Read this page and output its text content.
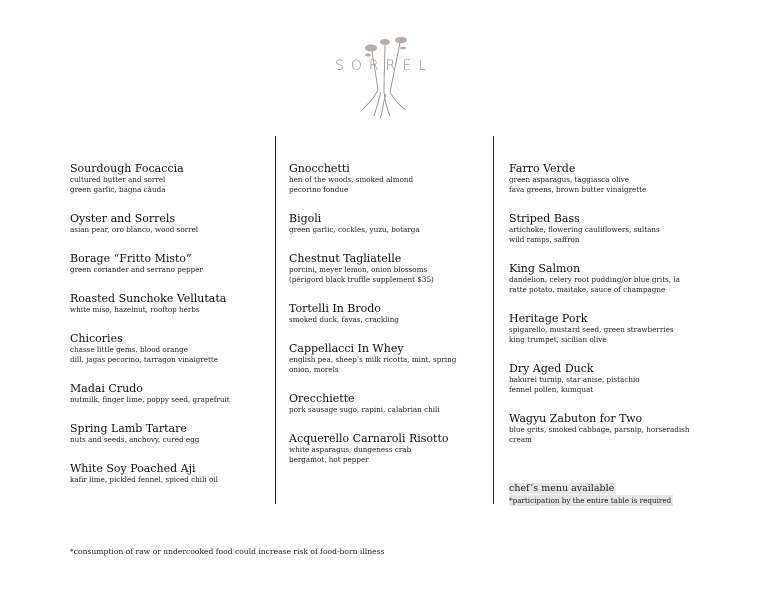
SORREL
Sourdough Focaccia
cultured butter and sorrel
green garlic, bagna càuda
Oyster and Sorrels
asian pear, oro blanco, wood sorrel
Borage “Fritto Misto”
green coriander and serrano pepper
Roasted Sunchoke Vellutata
white miso, hazelnut, rooftop herbs
Chicories
chasse little gems, blood orange
dill, jagas pecorino, tarragon vinaigrette
Madai Crudo
nutmilk, finger lime, poppy seed, grapefruit
Spring Lamb Tartare
nuts and seeds, anchovy, cured egg
White Soy Poached Aji
kafir lime, pickled fennel, spiced chili oil
Gnocchetti
hen of the woods, smoked almond
pecorino fonduе
Bigoli
green garlic, cockles, yuzu, botarga
Chestnut Tagliatelle
porcini, meyer lemon, onion blossoms
(périgord black truffle supplement $35)
Tortelli In Brodo
smoked duck, favas, crackling
Cappellacci In Whey
english pea, sheep’s milk ricotta, mint, spring
onion, morels
Orecchiette
pork sausage sugo, rapini, calabrian chili
Acquerello Carnaroli Risotto
white asparagus, dungeness crab
bergamot, hot pepper
Farro Verde
green asparagus, taggiasca olive
fava greens, brown butter vinaigrette
Striped Bass
artichoke, flowering cauliflowers, sultans
wild ramps, saffron
King Salmon
dandelion, celery root pudding/or blue grits, la
ratte potato, maitake, sauce of champagne
Heritage Pork
spigarello, mustard seed, green strawberries
king trumpet, sicilian olive
Dry Aged Duck
hakurei turnip, star anise, pistachio
fennel pollen, kumquat
Wagyu Zabuton for Two
blue grits, smoked cabbage, parsnip, horseradish
cream
chef’s menu available
*participation by the entire table is required
*consumption of raw or undercooked food could increase risk of food-born illness
